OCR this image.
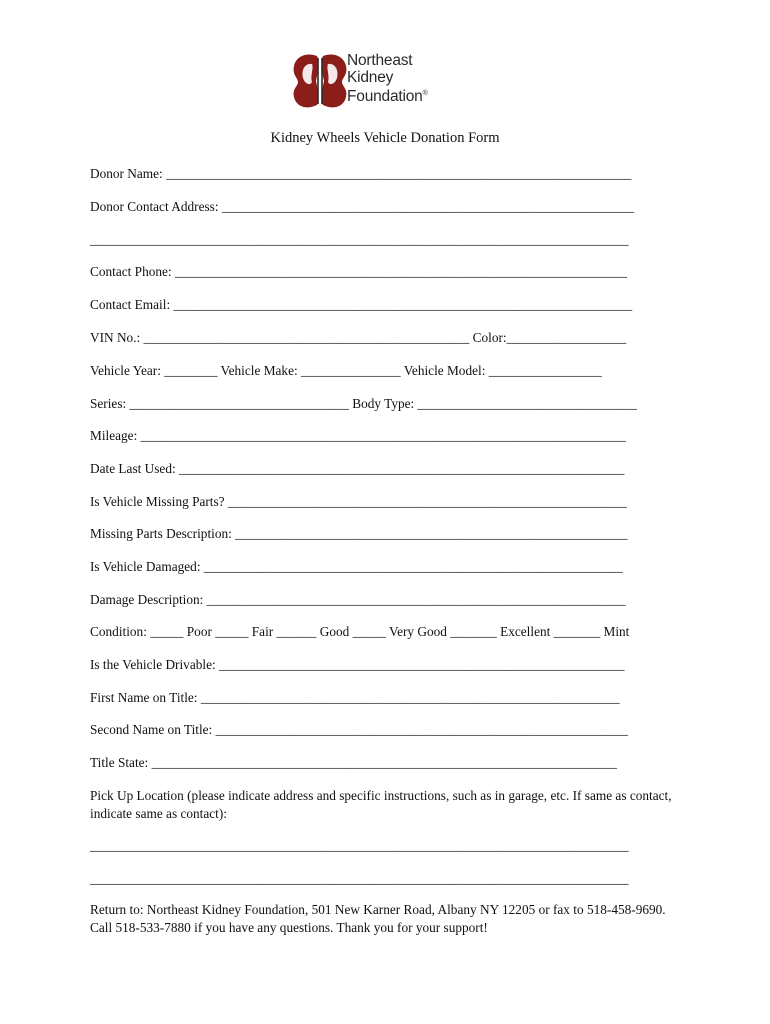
Northeast
Kidney
Foundation®
Kidney Wheels Vehicle Donation Form
Donor Name: ______________________________________________________________________
Donor Contact Address: ______________________________________________________________
_________________________________________________________________________________
Contact Phone: ____________________________________________________________________
Contact Email: _____________________________________________________________________
VIN No.: _________________________________________________ Color:__________________
Vehicle Year: ________ Vehicle Make: _______________ Vehicle Model: _________________
Series: _________________________________ Body Type: _________________________________
Mileage: _________________________________________________________________________
Date Last Used: ___________________________________________________________________
Is Vehicle Missing Parts? ____________________________________________________________
Missing Parts Description: ___________________________________________________________
Is Vehicle Damaged: _______________________________________________________________
Damage Description: _______________________________________________________________
Condition: _____ Poor _____ Fair ______ Good _____ Very Good _______ Excellent _______ Mint
Is the Vehicle Drivable: _____________________________________________________________
First Name on Title: _______________________________________________________________
Second Name on Title: ______________________________________________________________
Title State: ______________________________________________________________________
Pick Up Location (please indicate address and specific instructions, such as in garage, etc. If same as contact, indicate same as contact):
_________________________________________________________________________________
_________________________________________________________________________________
Return to: Northeast Kidney Foundation, 501 New Karner Road, Albany NY 12205 or fax to 518-458-9690. Call 518-533-7880 if you have any questions. Thank you for your support!
